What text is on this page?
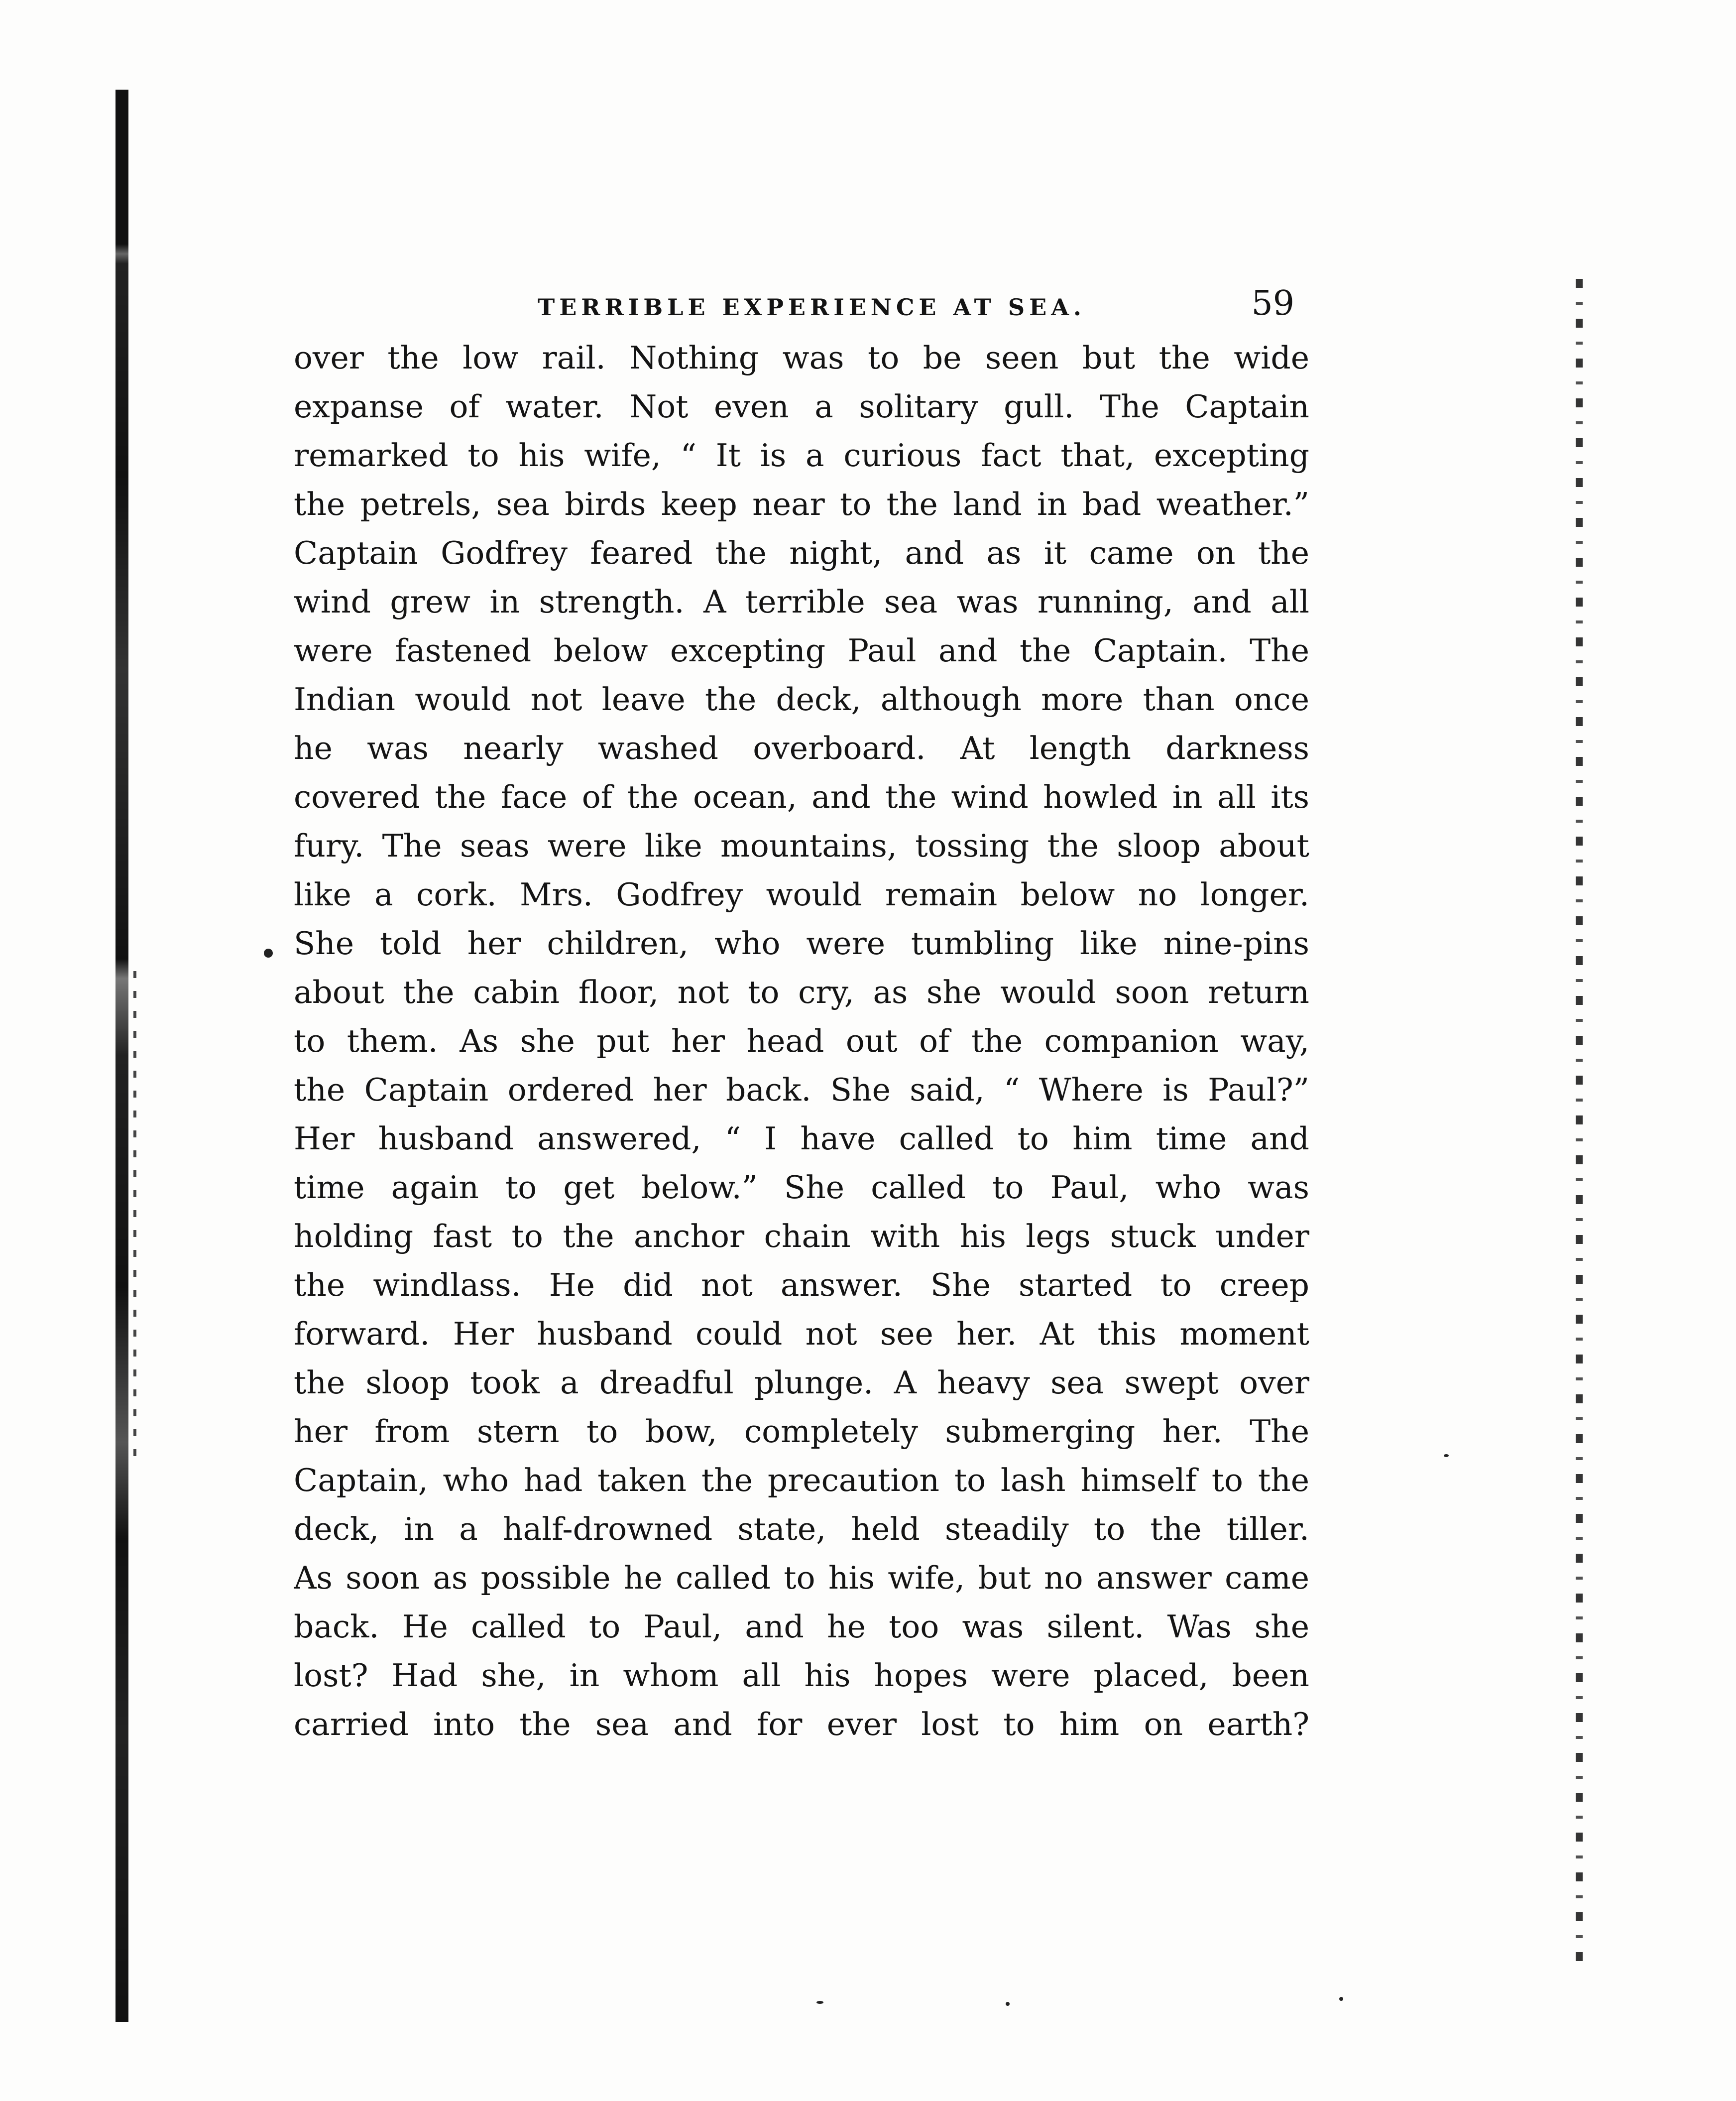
TERRIBLE EXPERIENCE AT SEA.	59
over the low rail. Nothing was to be seen but the wide
expanse of water. Not even a solitary gull. The Captain
remarked to his wife, “ It is a curious fact that, excepting
the petrels, sea birds keep near to the land in bad weather.”
Captain Godfrey feared the night, and as it came on the
wind grew in strength. A terrible sea was running, and all
were fastened below excepting Paul and the Captain. The
Indian would not leave the deck, although more than once
he was nearly washed overboard. At length darkness
covered the face of the ocean, and the wind howled in all its
fury. The seas were like mountains, tossing the sloop about
like a cork. Mrs. Godfrey would remain below no longer.
She told her children, who were tumbling like nine-pins
about the cabin floor, not to cry, as she would soon return
to them. As she put her head out of the companion way,
the Captain ordered her back. She said, “ Where is Paul?”
Her husband answered, “ I have called to him time and
time again to get below.” She called to Paul, who was
holding fast to the anchor chain with his legs stuck under
the windlass. He did not answer. She started to creep
forward. Her husband could not see her. At this moment
the sloop took a dreadful plunge. A heavy sea swept over
her from stern to bow, completely submerging her. The
Captain, who had taken the precaution to lash himself to the
deck, in a half-drowned state, held steadily to the tiller.
As soon as possible he called to his wife, but no answer came
back. He called to Paul, and he too was silent. Was she
lost? Had she, in whom all his hopes were placed, been
carried into the sea and for ever lost to him on earth?
